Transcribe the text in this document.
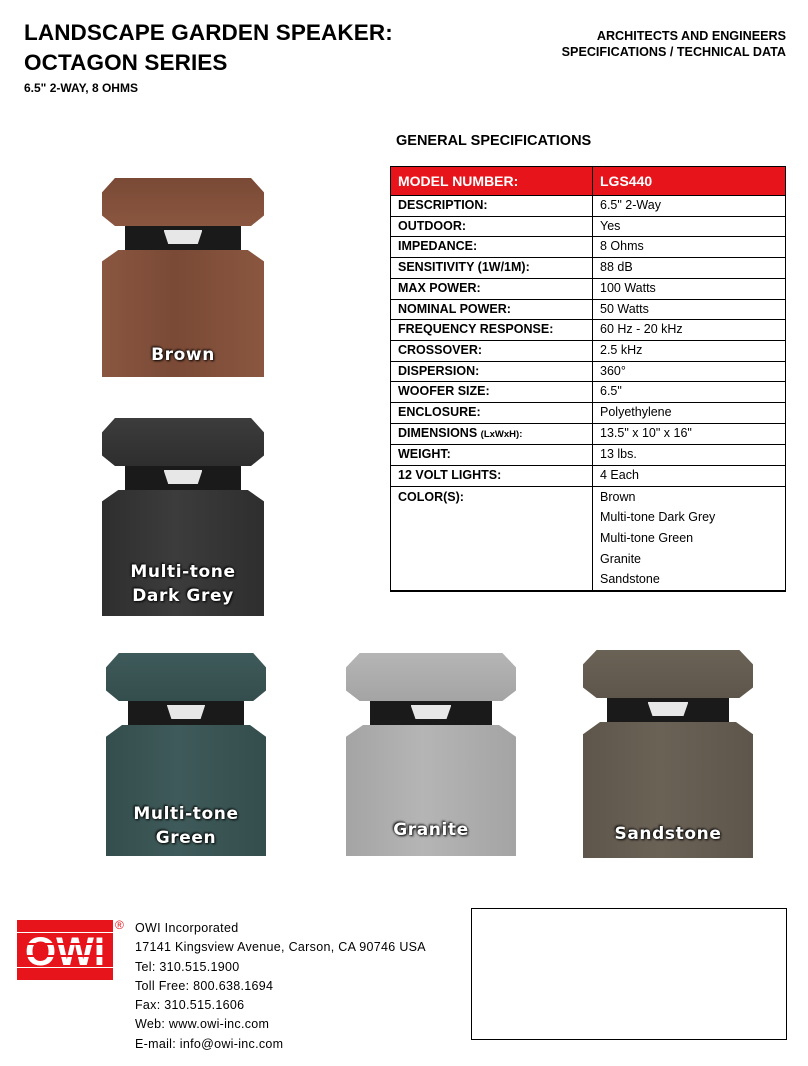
LANDSCAPE GARDEN SPEAKER:
OCTAGON SERIES
6.5" 2-WAY, 8 OHMS
ARCHITECTS AND ENGINEERS
SPECIFICATIONS / TECHNICAL DATA
GENERAL SPECIFICATIONS
MODEL NUMBER:	LGS440
DESCRIPTION:	6.5" 2-Way
OUTDOOR:	Yes
IMPEDANCE:	8 Ohms
SENSITIVITY (1W/1M):	88 dB
MAX POWER:	100 Watts
NOMINAL POWER:	50 Watts
FREQUENCY RESPONSE:	60 Hz - 20 kHz
CROSSOVER:	2.5 kHz
DISPERSION:	360°
WOOFER SIZE:	6.5"
ENCLOSURE:	Polyethylene
DIMENSIONS (LxWxH):	13.5" x 10" x 16"
WEIGHT:	13 lbs.
12 VOLT LIGHTS:	4 Each
COLOR(S):	Brown
Multi-tone Dark Grey
Multi-tone Green
Granite
Sandstone
Brown
Multi-tone
Dark Grey
Multi-tone
Green	Granite	Sandstone
OWI
® OWI Incorporated
17141 Kingsview Avenue, Carson, CA 90746 USA
Tel: 310.515.1900
Toll Free: 800.638.1694
Fax: 310.515.1606
Web: www.owi-inc.com
E-mail: info@owi-inc.com
